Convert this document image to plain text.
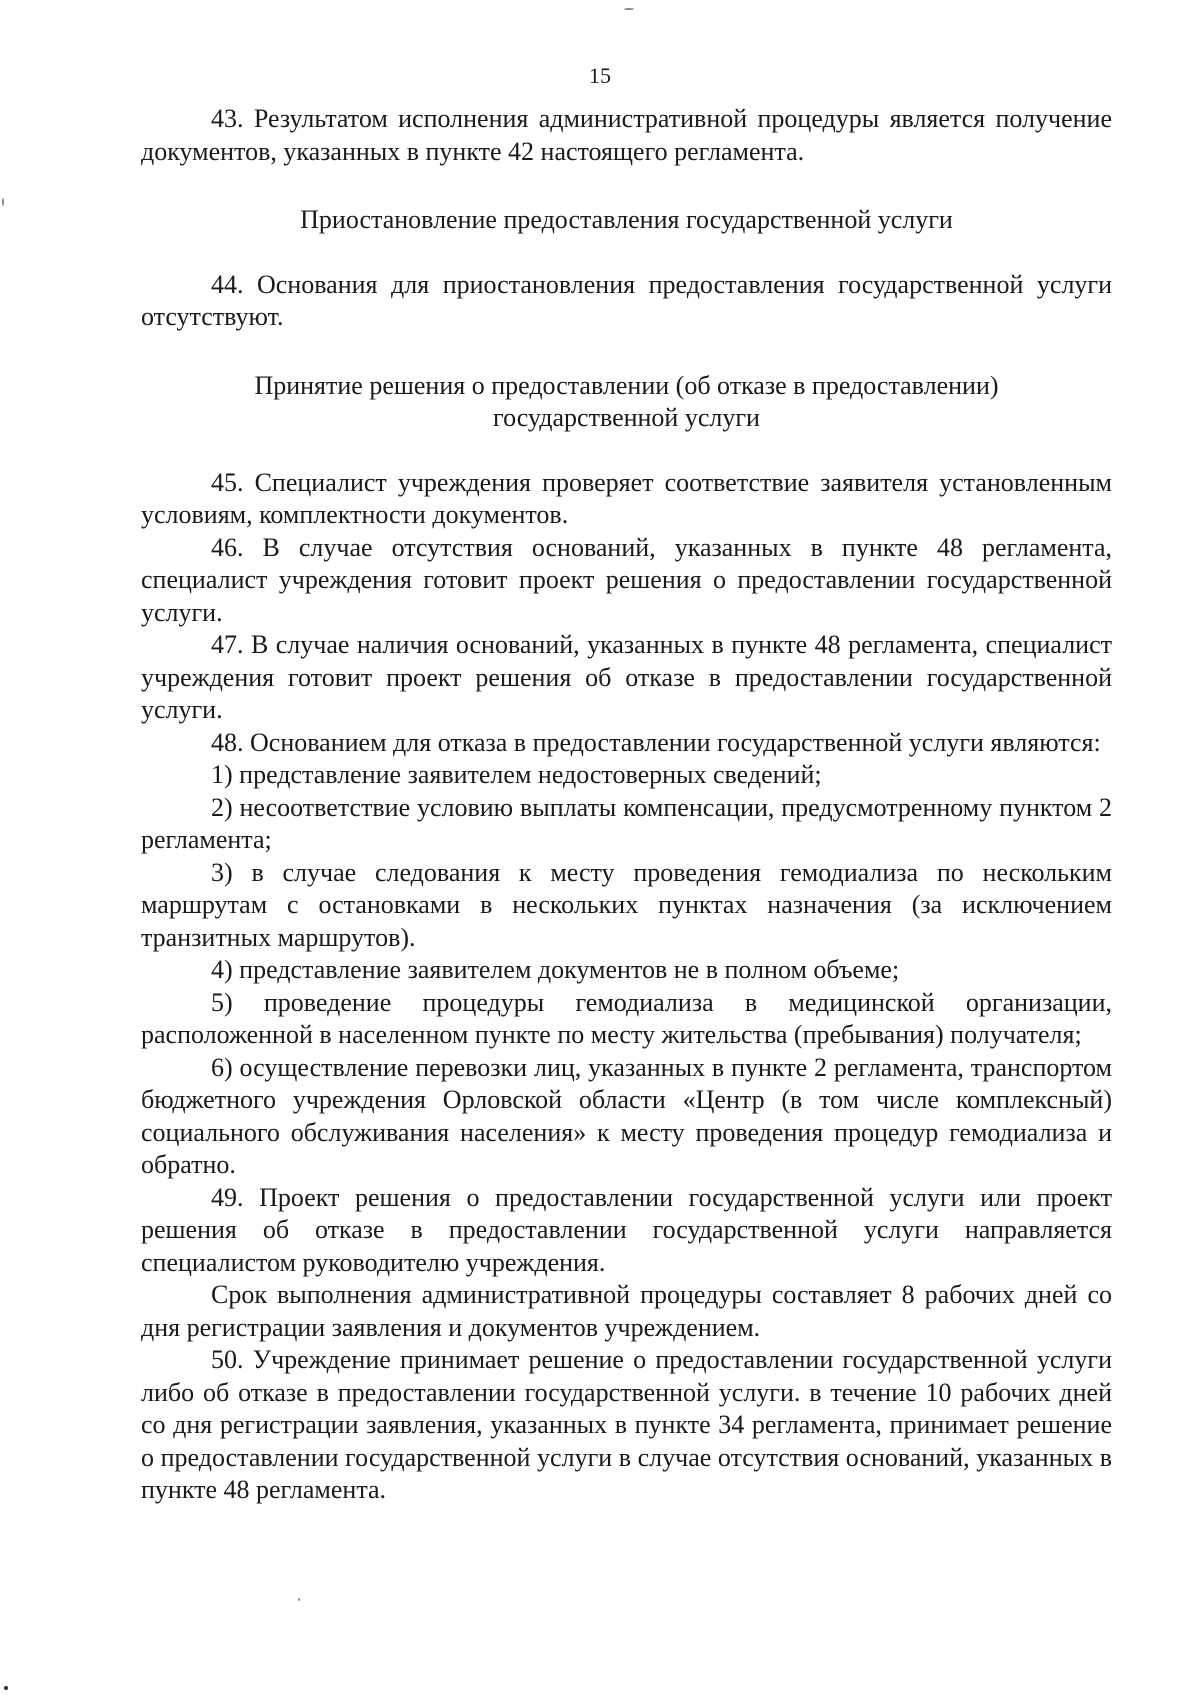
15

43. Результатом исполнения административной процедуры является получение документов, указанных в пункте 42 настоящего регламента.

Приостановление предоставления государственной услуги

44. Основания для приостановления предоставления государственной услуги отсутствуют.

Принятие решения о предоставлении (об отказе в предоставлении)

государственной услуги

45. Специалист учреждения проверяет соответствие заявителя установленным условиям, комплектности документов.

46. В случае отсутствия оснований, указанных в пункте 48 регламента, специалист учреждения готовит проект решения о предоставлении государственной услуги.

47. В случае наличия оснований, указанных в пункте 48 регламента, специалист учреждения готовит проект решения об отказе в предоставлении государственной услуги.

48. Основанием для отказа в предоставлении государственной услуги являются:

1) представление заявителем недостоверных сведений;

2) несоответствие условию выплаты компенсации, предусмотренному пунктом 2 регламента;

3) в случае следования к месту проведения гемодиализа по нескольким маршрутам с остановками в нескольких пунктах назначения (за исключением транзитных маршрутов).

4) представление заявителем документов не в полном объеме;

5) проведение процедуры гемодиализа в медицинской организации, расположенной в населенном пункте по месту жительства (пребывания) получателя;

6) осуществление перевозки лиц, указанных в пункте 2 регламента, транспортом бюджетного учреждения Орловской области «Центр (в том числе комплексный) социального обслуживания населения» к месту проведения процедур гемодиализа и обратно.

49. Проект решения о предоставлении государственной услуги или проект решения об отказе в предоставлении государственной услуги направляется специалистом руководителю учреждения.

Срок выполнения административной процедуры составляет 8 рабочих дней со дня регистрации заявления и документов учреждением.

50. Учреждение принимает решение о предоставлении государственной услуги либо об отказе в предоставлении государственной услуги. в течение 10 рабочих дней со дня регистрации заявления, указанных в пункте 34 регламента, принимает решение о предоставлении государственной услуги в случае отсутствия оснований, указанных в пункте 48 регламента.
